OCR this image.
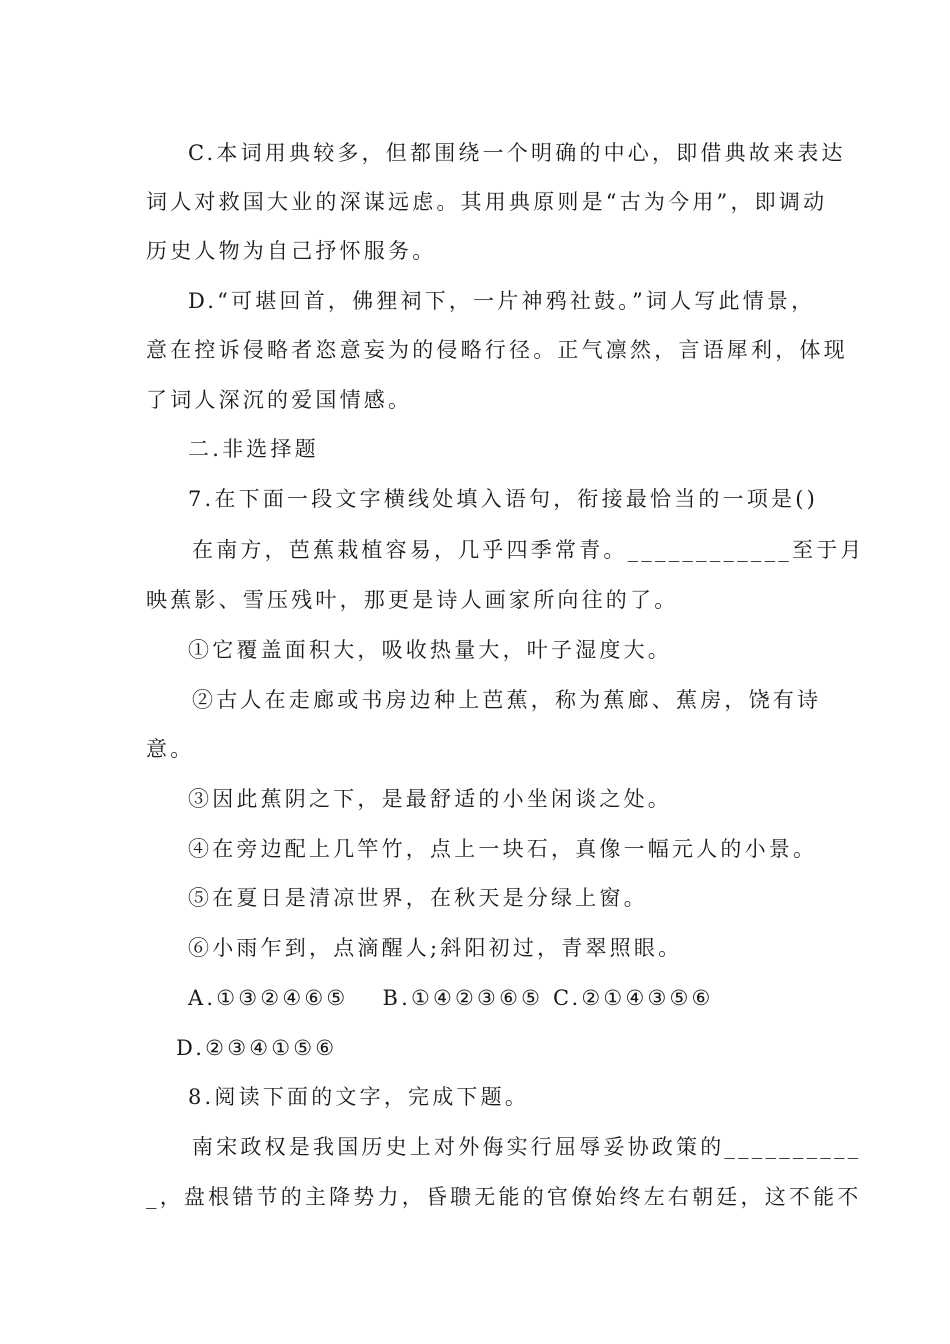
C.本词用典较多，但都围绕一个明确的中心，即借典故来表达
词人对救国大业的深谋远虑。其用典原则是“古为今用”，即调动
历史人物为自己抒怀服务。
D.“可堪回首，佛狸祠下，一片神鸦社鼓。”词人写此情景，
意在控诉侵略者恣意妄为的侵略行径。正气凛然，言语犀利，体现
了词人深沉的爱国情感。
二.非选择题
7.在下面一段文字横线处填入语句，衔接最恰当的一项是()
在南方，芭蕉栽植容易，几乎四季常青。____________至于月
映蕉影、雪压残叶，那更是诗人画家所向往的了。
①它覆盖面积大，吸收热量大，叶子湿度大。
②古人在走廊或书房边种上芭蕉，称为蕉廊、蕉房，饶有诗
意。
③因此蕉阴之下，是最舒适的小坐闲谈之处。
④在旁边配上几竿竹，点上一块石，真像一幅元人的小景。
⑤在夏日是清凉世界，在秋天是分绿上窗。
⑥小雨乍到，点滴醒人;斜阳初过，青翠照眼。
A.①③②④⑥⑤　 B.①④②③⑥⑤ C.②①④③⑤⑥
D.②③④①⑤⑥
8.阅读下面的文字，完成下题。
南宋政权是我国历史上对外侮实行屈辱妥协政策的__________
_，盘根错节的主降势力，昏聩无能的官僚始终左右朝廷，这不能不
